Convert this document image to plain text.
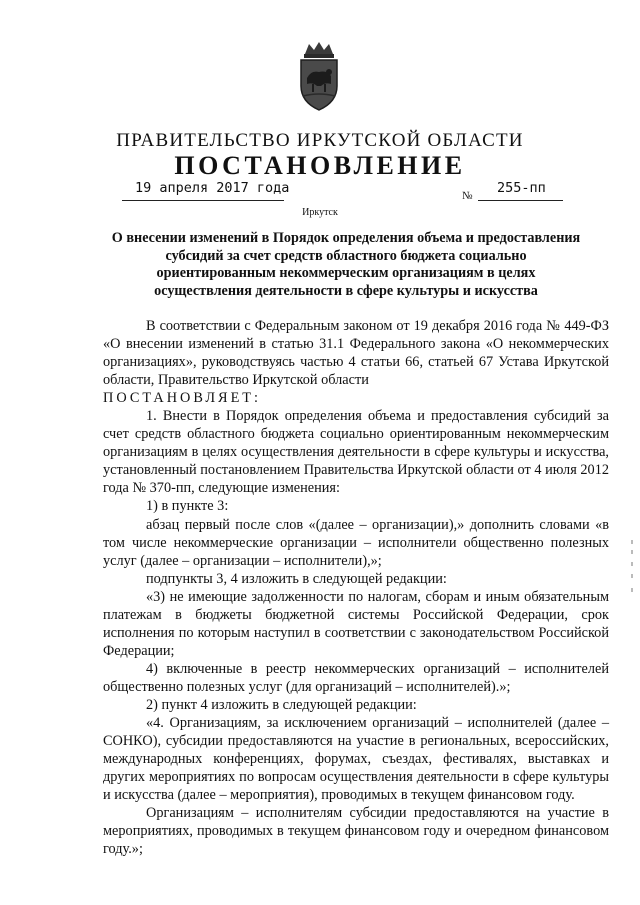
ПРАВИТЕЛЬСТВО ИРКУТСКОЙ ОБЛАСТИ
ПОСТАНОВЛЕНИЕ
19 апреля 2017 года	№ 255-пп
Иркутск
О внесении изменений в Порядок определения объема и предоставления
субсидий за счет средств областного бюджета социально
ориентированным некоммерческим организациям в целях
осуществления деятельности в сфере культуры и искусства
В соответствии с Федеральным законом от 19 декабря 2016 года № 449-ФЗ «О внесении изменений в статью 31.1 Федерального закона «О некоммерческих организациях», руководствуясь частью 4 статьи 66, статьей 67 Устава Иркутской области, Правительство Иркутской области
ПОСТАНОВЛЯЕТ:
1. Внести в Порядок определения объема и предоставления субсидий за счет средств областного бюджета социально ориентированным некоммерческим организациям в целях осуществления деятельности в сфере культуры и искусства, установленный постановлением Правительства Иркутской области от 4 июля 2012 года № 370-пп, следующие изменения:
1) в пункте 3:
абзац первый после слов «(далее – организации),» дополнить словами «в том числе некоммерческие организации – исполнители общественно полезных услуг (далее – организации – исполнители),»;
подпункты 3, 4 изложить в следующей редакции:
«3) не имеющие задолженности по налогам, сборам и иным обязательным платежам в бюджеты бюджетной системы Российской Федерации, срок исполнения по которым наступил в соответствии с законодательством Российской Федерации;
4) включенные в реестр некоммерческих организаций – исполнителей общественно полезных услуг (для организаций – исполнителей).»;
2) пункт 4 изложить в следующей редакции:
«4. Организациям, за исключением организаций – исполнителей (далее – СОНКО), субсидии предоставляются на участие в региональных, всероссийских, международных конференциях, форумах, съездах, фестивалях, выставках и других мероприятиях по вопросам осуществления деятельности в сфере культуры и искусства (далее – мероприятия), проводимых в текущем финансовом году.
Организациям – исполнителям субсидии предоставляются на участие в мероприятиях, проводимых в текущем финансовом году и очередном финансовом году.»;
